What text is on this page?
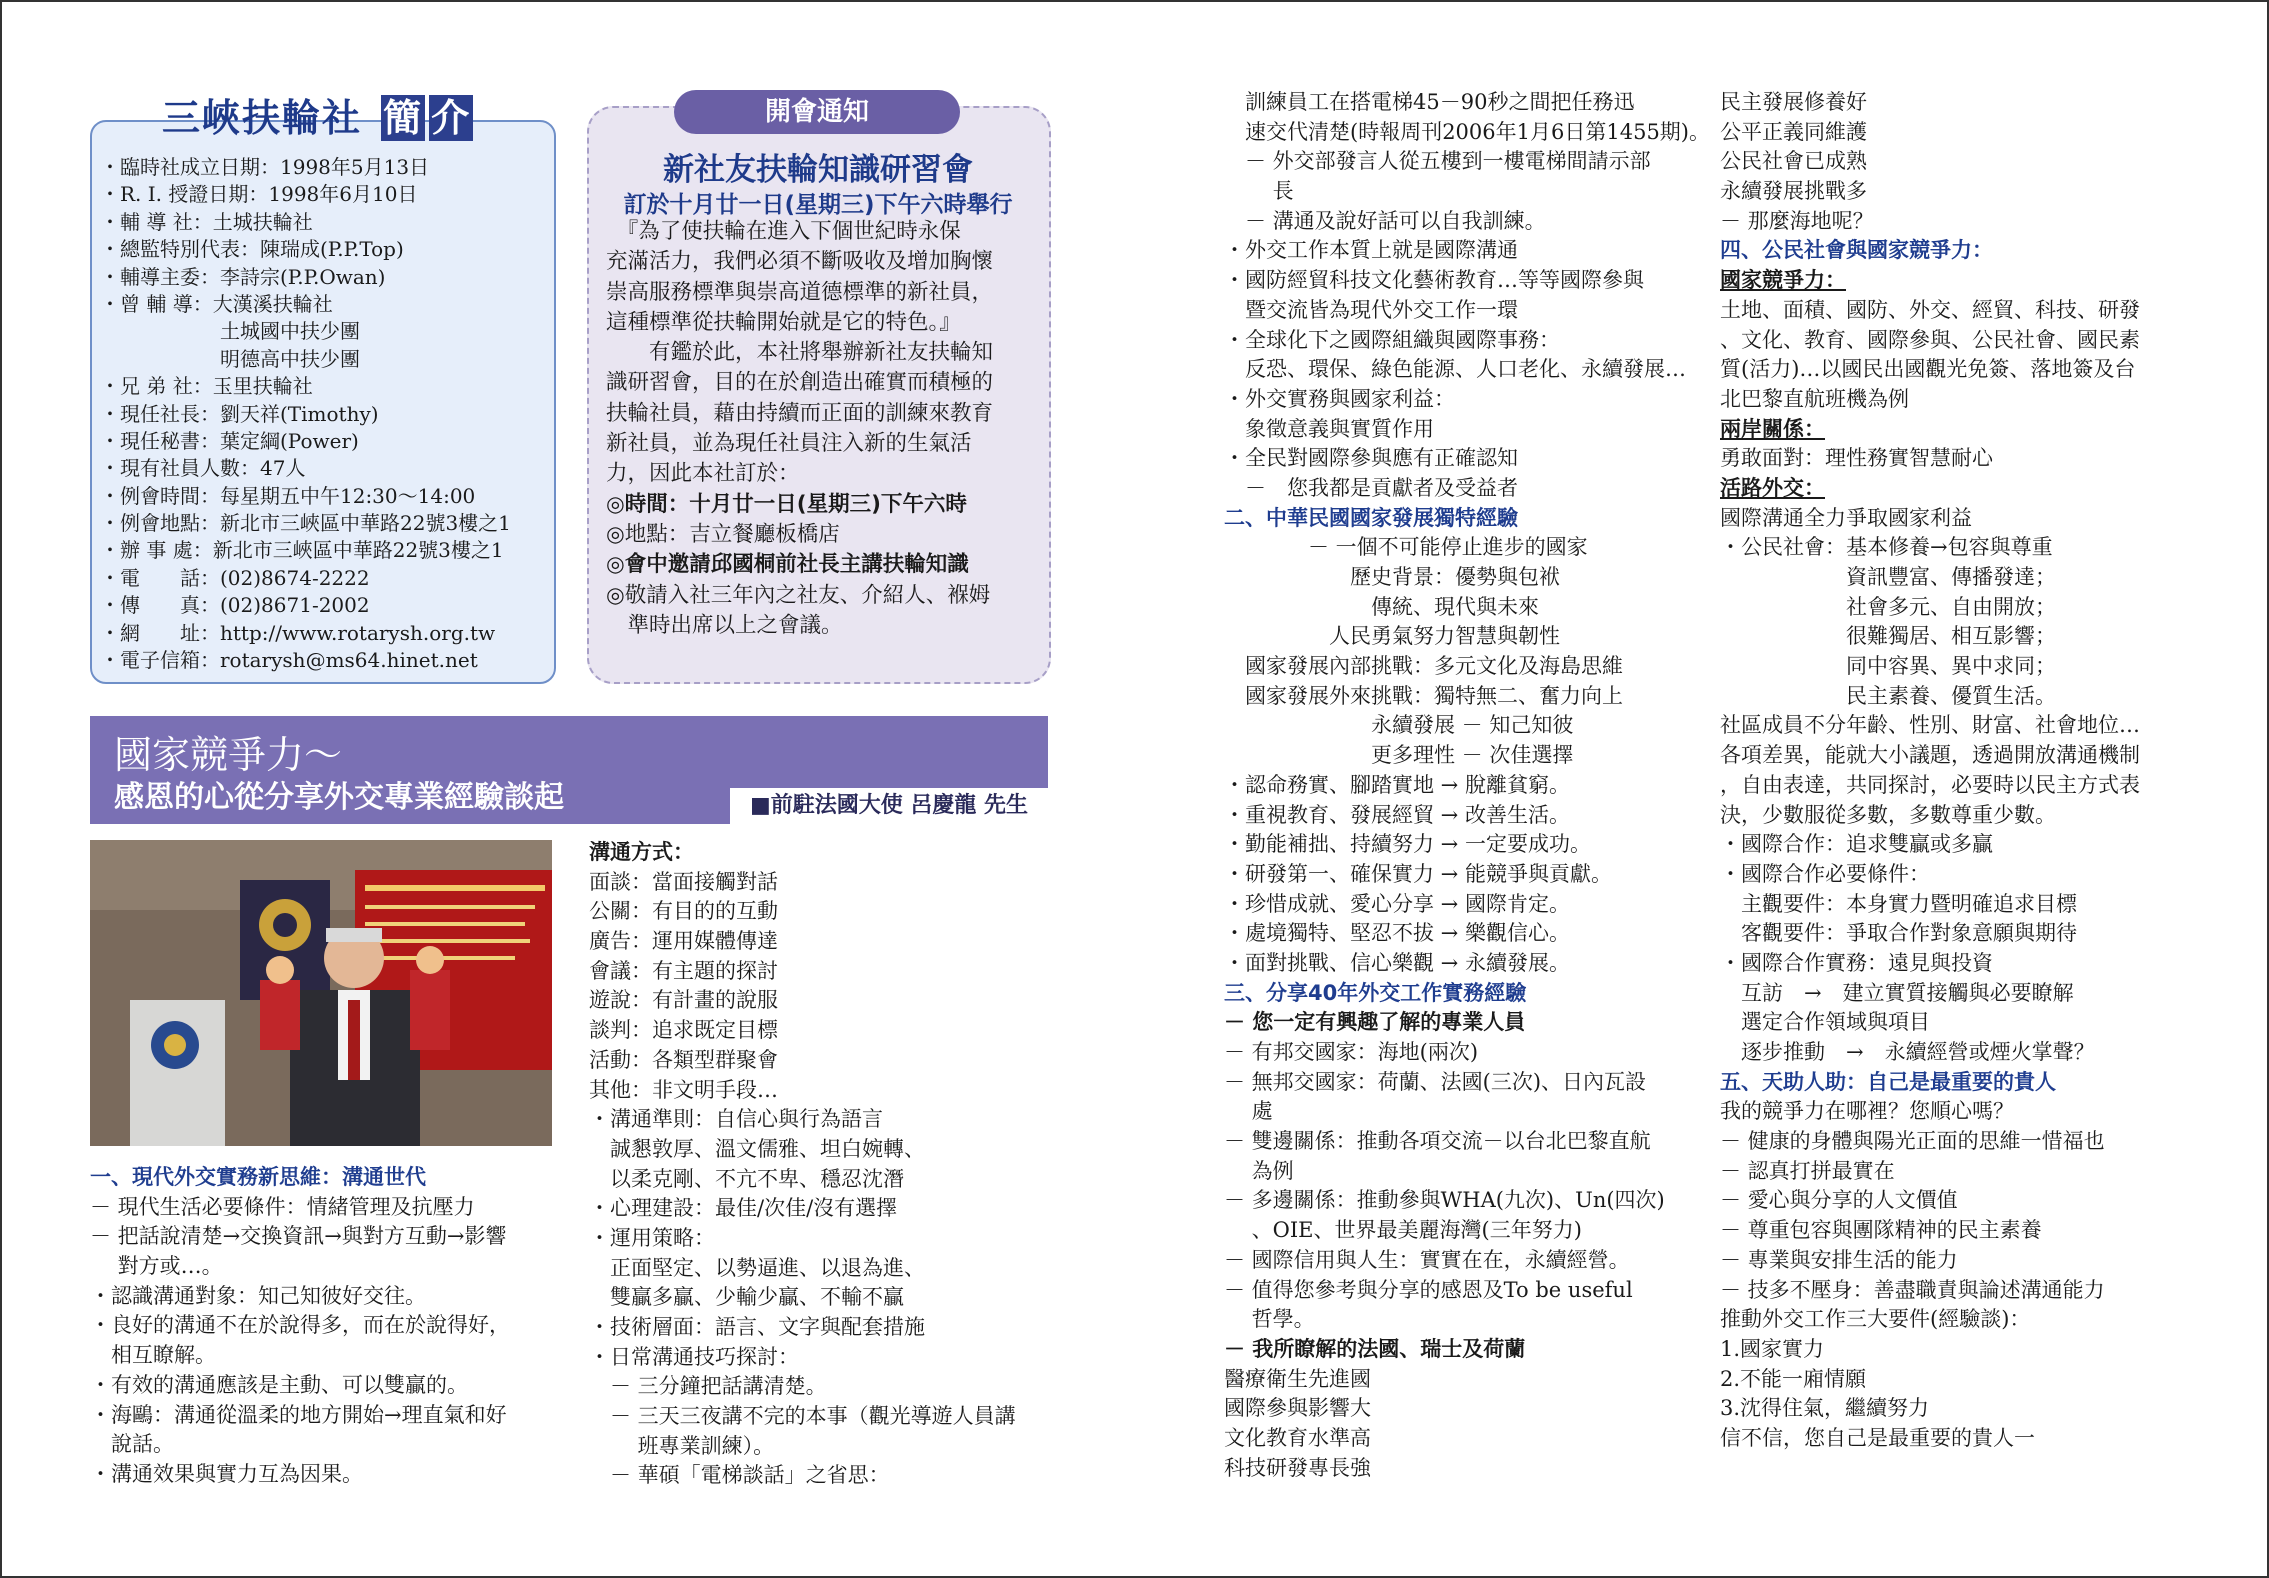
三峽扶輪社 簡 介
・臨時社成立日期：1998年5月13日
・R. I. 授證日期：1998年6月10日
・輔 導 社：土城扶輪社
・總監特別代表：陳瑞成(P.P.Top)
・輔導主委：李詩宗(P.P.Owan)
・曾 輔 導：大漢溪扶輪社
　　　　　　土城國中扶少團
　　　　　　明德高中扶少團
・兄 弟 社：玉里扶輪社
・現任社長：劉天祥(Timothy)
・現任秘書：葉定綱(Power)
・現有社員人數：47人
・例會時間：每星期五中午12:30～14:00
・例會地點：新北市三峽區中華路22號3樓之1
・辦 事 處：新北市三峽區中華路22號3樓之1
・電　　話：(02)8674-2222
・傳　　真：(02)8671-2002
・網　　址：http://www.rotarysh.org.tw
・電子信箱：rotarysh@ms64.hinet.net
開會通知
新社友扶輪知識研習會
訂於十月廿一日(星期三)下午六時舉行
　『為了使扶輪在進入下個世紀時永保
充滿活力，我們必須不斷吸收及增加胸懷
崇高服務標準與崇高道德標準的新社員，
這種標準從扶輪開始就是它的特色。』
　　有鑑於此，本社將舉辦新社友扶輪知
識研習會，目的在於創造出確實而積極的
扶輪社員，藉由持續而正面的訓練來教育
新社員，並為現任社員注入新的生氣活
力，因此本社訂於：
◎時間：十月廿一日(星期三)下午六時
◎地點：吉立餐廳板橋店
◎會中邀請邱國桐前社長主講扶輪知識
◎敬請入社三年內之社友、介紹人、褓姆
　準時出席以上之會議。
國家競爭力～
感恩的心從分享外交專業經驗談起	■前駐法國大使 呂慶龍 先生
一、現代外交實務新思維：溝通世代
－ 現代生活必要條件：情緒管理及抗壓力
－ 把話說清楚→交換資訊→與對方互動→影響
　 對方或…。
・認識溝通對象：知己知彼好交往。
・良好的溝通不在於說得多，而在於說得好，
　相互瞭解。
・有效的溝通應該是主動、可以雙贏的。
・海鷗：溝通從溫柔的地方開始→理直氣和好
　說話。
・溝通效果與實力互為因果。
溝通方式：
面談：當面接觸對話
公關：有目的的互動
廣告：運用媒體傳達
會議：有主題的探討
遊說：有計畫的說服
談判：追求既定目標
活動：各類型群聚會
其他：非文明手段…
・溝通準則：自信心與行為語言
　誠懇敦厚、溫文儒雅、坦白婉轉、
　以柔克剛、不亢不卑、穩忍沈潛
・心理建設：最佳/次佳/沒有選擇
・運用策略：
　正面堅定、以勢逼進、以退為進、
　雙贏多贏、少輸少贏、不輸不贏
・技術層面：語言、文字與配套措施
・日常溝通技巧探討：
　－ 三分鐘把話講清楚。
　－ 三天三夜講不完的本事（觀光導遊人員講
　　 班專業訓練）。
　－ 華碩「電梯談話」之省思：
　訓練員工在搭電梯45－90秒之間把任務迅
　速交代清楚(時報周刊2006年1月6日第1455期)。
　－ 外交部發言人從五樓到一樓電梯間請示部
　　 長
　－ 溝通及說好話可以自我訓練。
・外交工作本質上就是國際溝通
・國防經貿科技文化藝術教育…等等國際參與
　暨交流皆為現代外交工作一環
・全球化下之國際組織與國際事務：
　反恐、環保、綠色能源、人口老化、永續發展…
・外交實務與國家利益：
　象徵意義與實質作用
・全民對國際參與應有正確認知
　－　您我都是貢獻者及受益者
二、中華民國國家發展獨特經驗
　　　　－ 一個不可能停止進步的國家
　　　　　　歷史背景：優勢與包袱
　　　　　　　傳統、現代與未來
　　　　　人民勇氣努力智慧與韌性
　國家發展內部挑戰：多元文化及海島思維
　國家發展外來挑戰：獨特無二、奮力向上
　　　　　　　永續發展 － 知己知彼
　　　　　　　更多理性 － 次佳選擇
・認命務實、腳踏實地 → 脫離貧窮。
・重視教育、發展經貿 → 改善生活。
・勤能補拙、持續努力 → 一定要成功。
・研發第一、確保實力 → 能競爭與貢獻。
・珍惜成就、愛心分享 → 國際肯定。
・處境獨特、堅忍不拔 → 樂觀信心。
・面對挑戰、信心樂觀 → 永續發展。
三、分享40年外交工作實務經驗
－ 您一定有興趣了解的專業人員
－ 有邦交國家：海地(兩次)
－ 無邦交國家：荷蘭、法國(三次)、日內瓦設
　 處
－ 雙邊關係：推動各項交流－以台北巴黎直航
　 為例
－ 多邊關係：推動參與WHA(九次)、Un(四次)
　 、OIE、世界最美麗海灣(三年努力)
－ 國際信用與人生：實實在在，永續經營。
－ 值得您參考與分享的感恩及To be useful
　 哲學。
－ 我所瞭解的法國、瑞士及荷蘭
醫療衛生先進國
國際參與影響大
文化教育水準高
科技研發專長強
民主發展修養好
公平正義同維護
公民社會已成熟
永續發展挑戰多
－ 那麼海地呢？
四、公民社會與國家競爭力：
國家競爭力：
土地、面積、國防、外交、經貿、科技、研發
、文化、教育、國際參與、公民社會、國民素
質(活力)…以國民出國觀光免簽、落地簽及台
北巴黎直航班機為例
兩岸關係：
勇敢面對：理性務實智慧耐心
活路外交：
國際溝通全力爭取國家利益
・公民社會：基本修養→包容與尊重
　　　　　　資訊豐富、傳播發達；
　　　　　　社會多元、自由開放；
　　　　　　很難獨居、相互影響；
　　　　　　同中容異、異中求同；
　　　　　　民主素養、優質生活。
社區成員不分年齡、性別、財富、社會地位…
各項差異，能就大小議題，透過開放溝通機制
，自由表達，共同探討，必要時以民主方式表
決，少數服從多數，多數尊重少數。
・國際合作：追求雙贏或多贏
・國際合作必要條件：
　主觀要件：本身實力暨明確追求目標
　客觀要件：爭取合作對象意願與期待
・國際合作實務：遠見與投資
　互訪　→　建立實質接觸與必要瞭解
　選定合作領域與項目
　逐步推動　→　永續經營或煙火掌聲？
五、天助人助：自己是最重要的貴人
我的競爭力在哪裡？您順心嗎？
－ 健康的身體與陽光正面的思維一惜福也
－ 認真打拼最實在
－ 愛心與分享的人文價值
－ 尊重包容與團隊精神的民主素養
－ 專業與安排生活的能力
－ 技多不壓身：善盡職責與論述溝通能力
推動外交工作三大要件(經驗談)：
1.國家實力
2.不能一廂情願
3.沈得住氣，繼續努力
信不信，您自己是最重要的貴人一
